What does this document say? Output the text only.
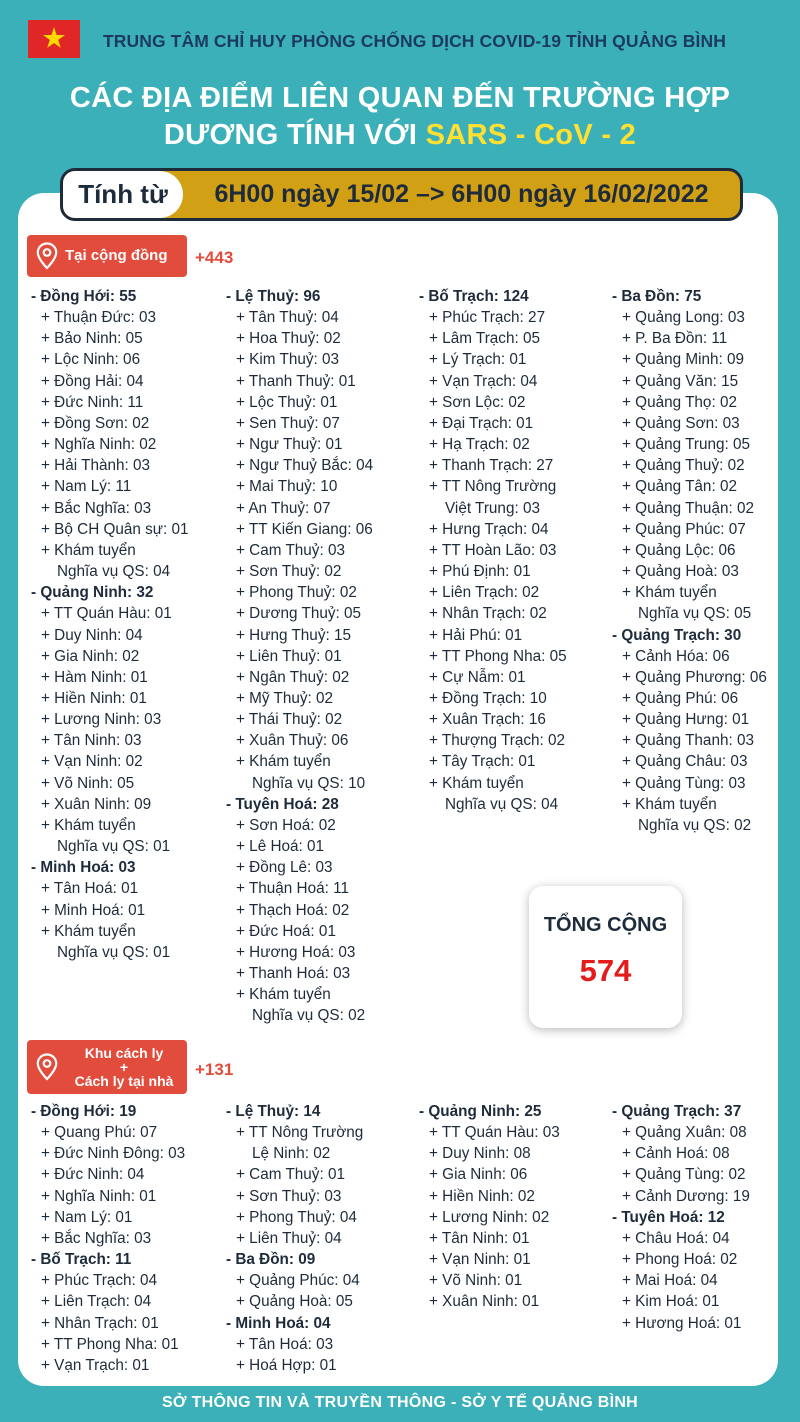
TRUNG TÂM CHỈ HUY PHÒNG CHỐNG DỊCH COVID-19 TỈNH QUẢNG BÌNH
CÁC ĐỊA ĐIỂM LIÊN QUAN ĐẾN TRƯỜNG HỢP
DƯƠNG TÍNH VỚI SARS - CoV - 2
Tính từ	6H00 ngày 15/02 –> 6H00 ngày 16/02/2022
Tại cộng đồng +443
- Đồng Hới: 55
+ Thuận Đức: 03
+ Bảo Ninh: 05
+ Lộc Ninh: 06
+ Đồng Hải: 04
+ Đức Ninh: 11
+ Đồng Sơn: 02
+ Nghĩa Ninh: 02
+ Hải Thành: 03
+ Nam Lý: 11
+ Bắc Nghĩa: 03
+ Bộ CH Quân sự: 01
+ Khám tuyển
Nghĩa vụ QS: 04
- Quảng Ninh: 32
+ TT Quán Hàu: 01
+ Duy Ninh: 04
+ Gia Ninh: 02
+ Hàm Ninh: 01
+ Hiền Ninh: 01
+ Lương Ninh: 03
+ Tân Ninh: 03
+ Vạn Ninh: 02
+ Võ Ninh: 05
+ Xuân Ninh: 09
+ Khám tuyển
Nghĩa vụ QS: 01
- Minh Hoá: 03
+ Tân Hoá: 01
+ Minh Hoá: 01
+ Khám tuyển
Nghĩa vụ QS: 01
- Lệ Thuỷ: 96
+ Tân Thuỷ: 04
+ Hoa Thuỷ: 02
+ Kim Thuỷ: 03
+ Thanh Thuỷ: 01
+ Lộc Thuỷ: 01
+ Sen Thuỷ: 07
+ Ngư Thuỷ: 01
+ Ngư Thuỷ Bắc: 04
+ Mai Thuỷ: 10
+ An Thuỷ: 07
+ TT Kiến Giang: 06
+ Cam Thuỷ: 03
+ Sơn Thuỷ: 02
+ Phong Thuỷ: 02
+ Dương Thuỷ: 05
+ Hưng Thuỷ: 15
+ Liên Thuỷ: 01
+ Ngân Thuỷ: 02
+ Mỹ Thuỷ: 02
+ Thái Thuỷ: 02
+ Xuân Thuỷ: 06
+ Khám tuyển
Nghĩa vụ QS: 10
- Tuyên Hoá: 28
+ Sơn Hoá: 02
+ Lê Hoá: 01
+ Đồng Lê: 03
+ Thuận Hoá: 11
+ Thạch Hoá: 02
+ Đức Hoá: 01
+ Hương Hoá: 03
+ Thanh Hoá: 03
+ Khám tuyển
Nghĩa vụ QS: 02
- Bố Trạch: 124
+ Phúc Trạch: 27
+ Lâm Trạch: 05
+ Lý Trạch: 01
+ Vạn Trạch: 04
+ Sơn Lộc: 02
+ Đại Trạch: 01
+ Hạ Trạch: 02
+ Thanh Trạch: 27
+ TT Nông Trường
Việt Trung: 03
+ Hưng Trạch: 04
+ TT Hoàn Lão: 03
+ Phú Định: 01
+ Liên Trạch: 02
+ Nhân Trạch: 02
+ Hải Phú: 01
+ TT Phong Nha: 05
+ Cự Nẫm: 01
+ Đồng Trạch: 10
+ Xuân Trạch: 16
+ Thượng Trạch: 02
+ Tây Trạch: 01
+ Khám tuyển
Nghĩa vụ QS: 04
- Ba Đồn: 75
+ Quảng Long: 03
+ P. Ba Đồn: 11
+ Quảng Minh: 09
+ Quảng Văn: 15
+ Quảng Thọ: 02
+ Quảng Sơn: 03
+ Quảng Trung: 05
+ Quảng Thuỷ: 02
+ Quảng Tân: 02
+ Quảng Thuận: 02
+ Quảng Phúc: 07
+ Quảng Lộc: 06
+ Quảng Hoà: 03
+ Khám tuyển
Nghĩa vụ QS: 05
- Quảng Trạch: 30
+ Cảnh Hóa: 06
+ Quảng Phương: 06
+ Quảng Phú: 06
+ Quảng Hưng: 01
+ Quảng Thanh: 03
+ Quảng Châu: 03
+ Quảng Tùng: 03
+ Khám tuyển
Nghĩa vụ QS: 02
TỔNG CỘNG
574
Khu cách ly
+
Cách ly tại nhà
+131
- Đồng Hới: 19
+ Quang Phú: 07
+ Đức Ninh Đông: 03
+ Đức Ninh: 04
+ Nghĩa Ninh: 01
+ Nam Lý: 01
+ Bắc Nghĩa: 03
- Bố Trạch: 11
+ Phúc Trạch: 04
+ Liên Trạch: 04
+ Nhân Trạch: 01
+ TT Phong Nha: 01
+ Vạn Trạch: 01
- Lệ Thuỷ: 14
+ TT Nông Trường
Lệ Ninh: 02
+ Cam Thuỷ: 01
+ Sơn Thuỷ: 03
+ Phong Thuỷ: 04
+ Liên Thuỷ: 04
- Ba Đồn: 09
+ Quảng Phúc: 04
+ Quảng Hoà: 05
- Minh Hoá: 04
+ Tân Hoá: 03
+ Hoá Hợp: 01
- Quảng Ninh: 25
+ TT Quán Hàu: 03
+ Duy Ninh: 08
+ Gia Ninh: 06
+ Hiền Ninh: 02
+ Lương Ninh: 02
+ Tân Ninh: 01
+ Vạn Ninh: 01
+ Võ Ninh: 01
+ Xuân Ninh: 01
- Quảng Trạch: 37
+ Quảng Xuân: 08
+ Cảnh Hoá: 08
+ Quảng Tùng: 02
+ Cảnh Dương: 19
- Tuyên Hoá: 12
+ Châu Hoá: 04
+ Phong Hoá: 02
+ Mai Hoá: 04
+ Kim Hoá: 01
+ Hương Hoá: 01
SỞ THÔNG TIN VÀ TRUYỀN THÔNG - SỞ Y TẾ QUẢNG BÌNH
